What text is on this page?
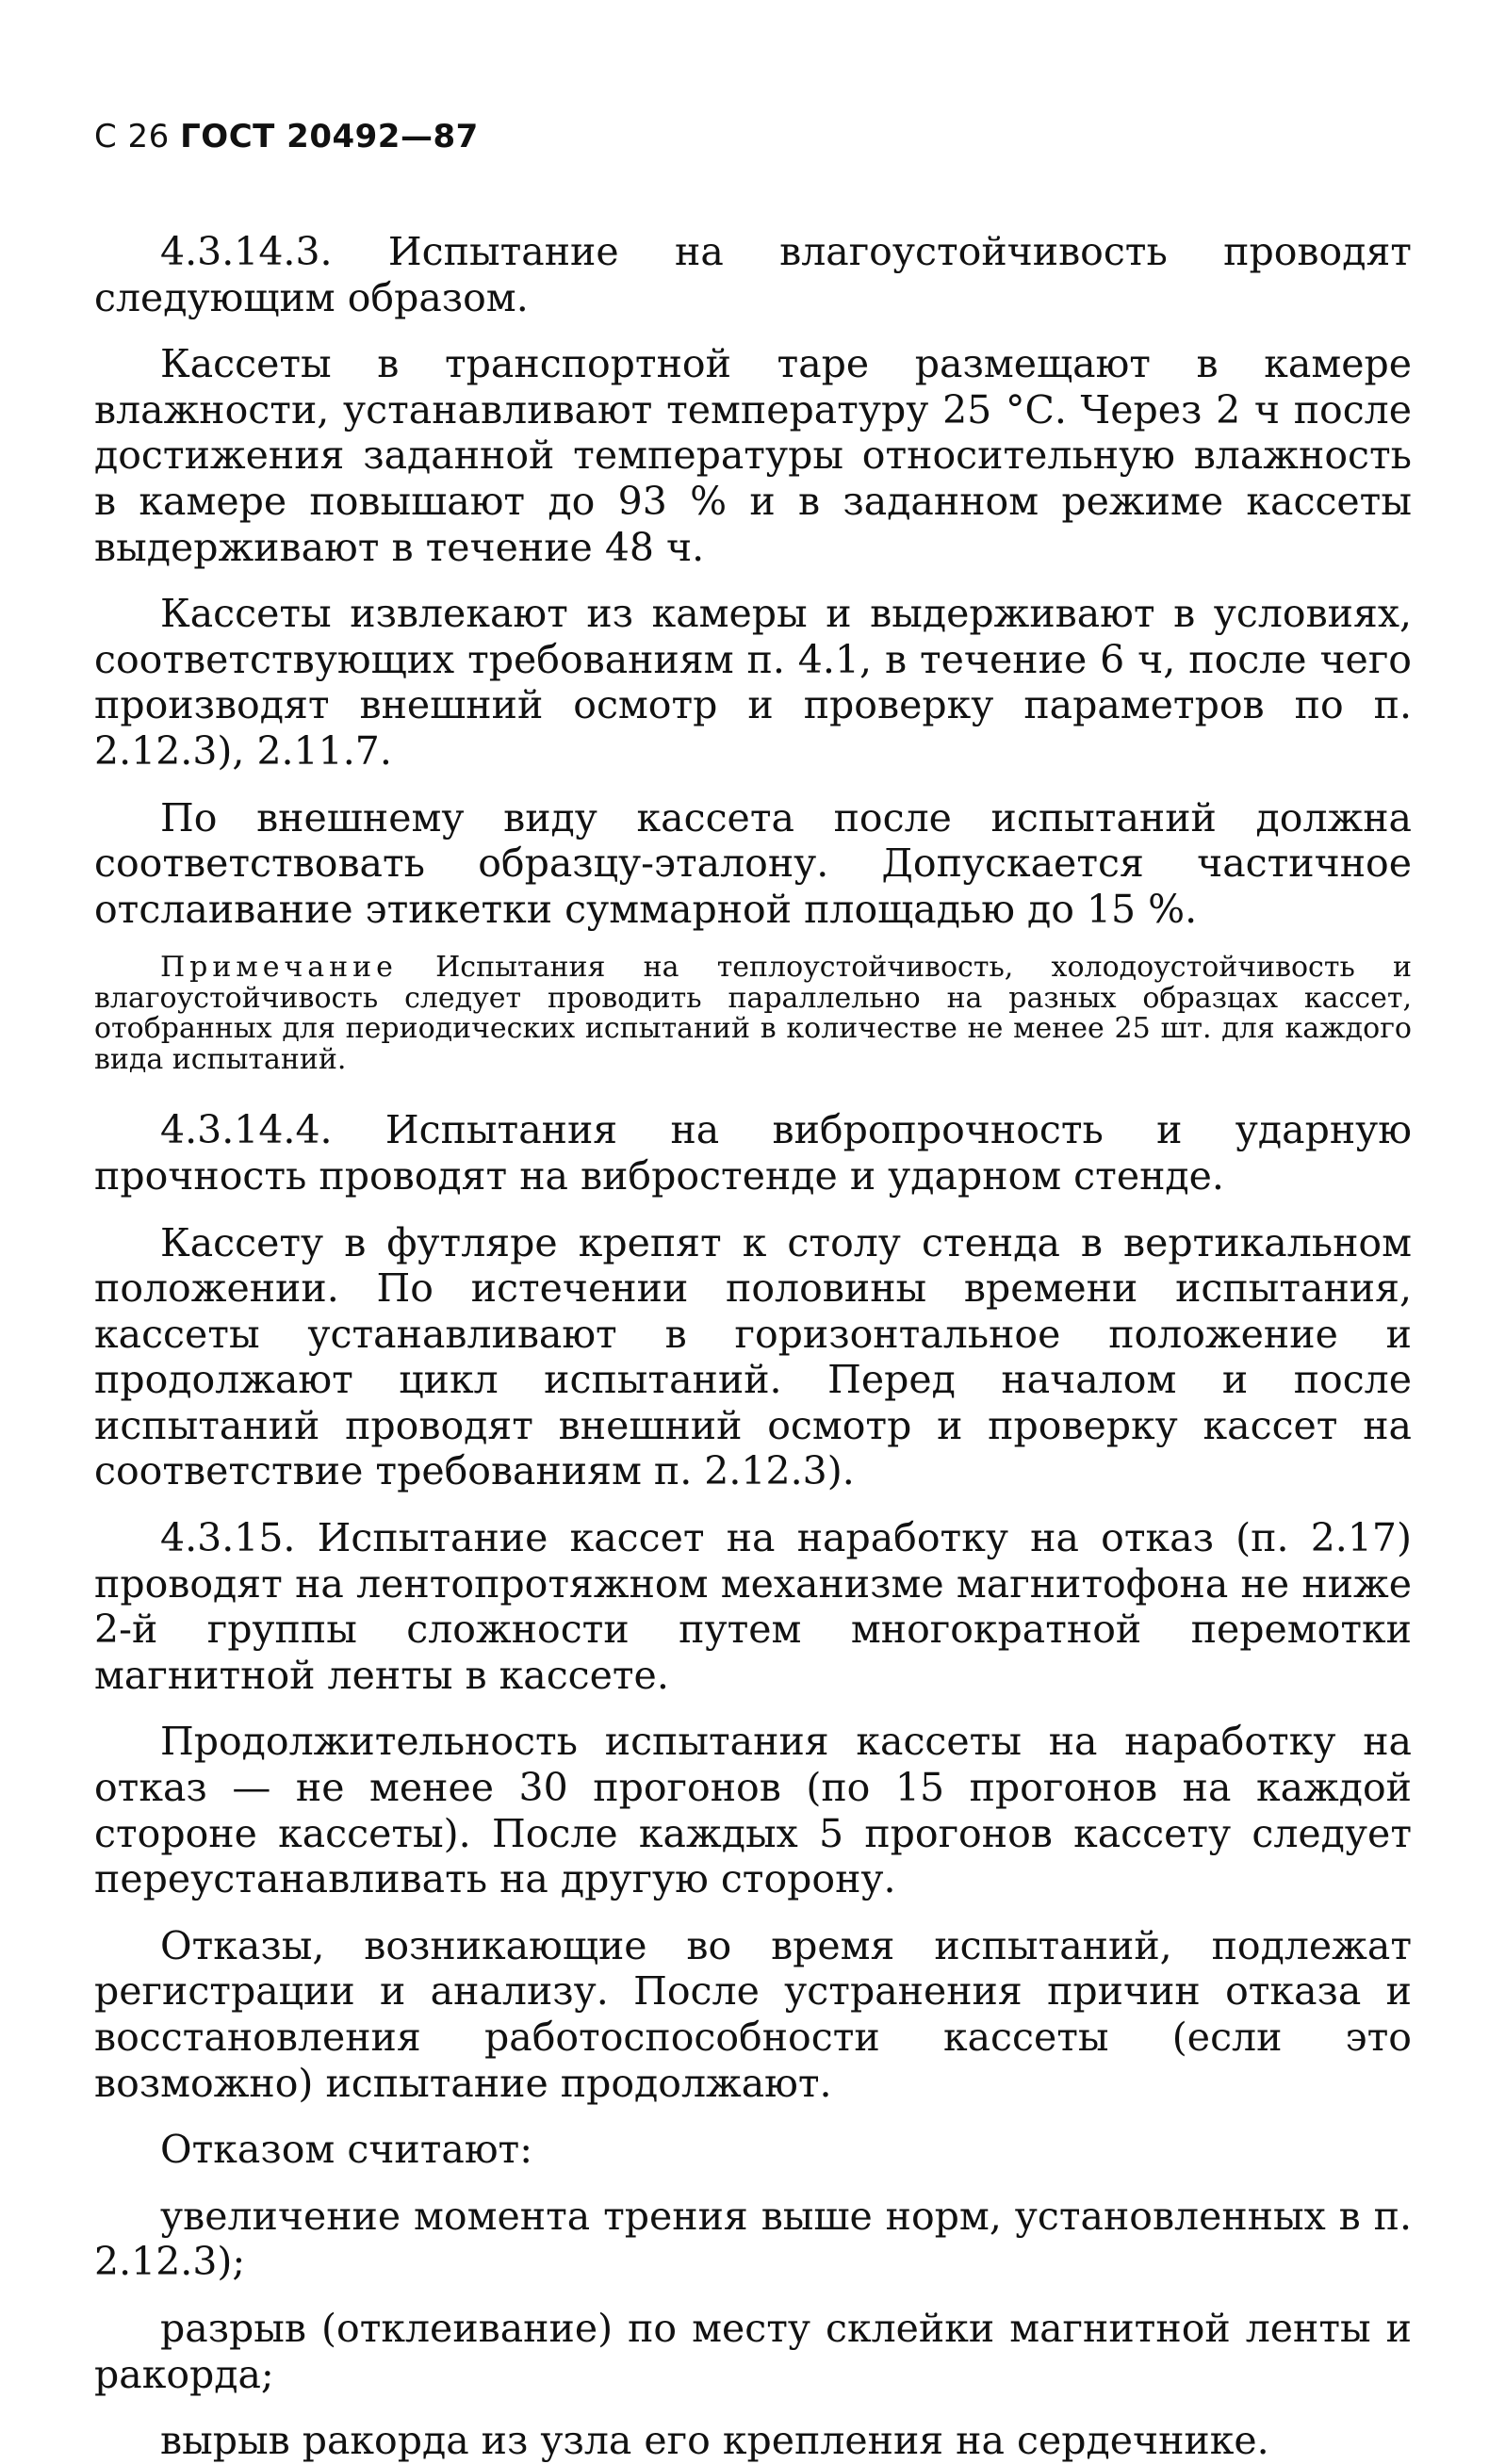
С 26 ГОСТ 20492—87

4.3.14.3. Испытание на влагоустойчивость проводят следующим образом.

Кассеты в транспортной таре размещают в камере влажности, устанавливают температуру 25 °С. Через 2 ч после достижения заданной температуры относительную влажность в камере повышают до 93 % и в заданном режиме кассеты выдерживают в течение 48 ч.

Кассеты извлекают из камеры и выдерживают в условиях, соответствующих требованиям п. 4.1, в течение 6 ч, после чего производят внешний осмотр и проверку параметров по п. 2.12.3), 2.11.7.

По внешнему виду кассета после испытаний должна соответствовать образцу-эталону. Допускается частичное отслаивание этикетки суммарной площадью до 15 %.

Примечание Испытания на теплоустойчивость, холодоустойчивость и влагоустойчивость следует проводить параллельно на разных образцах кассет, отобранных для периодических испытаний в количестве не менее 25 шт. для каждого вида испытаний.

4.3.14.4. Испытания на вибропрочность и ударную прочность проводят на вибростенде и ударном стенде.

Кассету в футляре крепят к столу стенда в вертикальном положении. По истечении половины времени испытания, кассеты устанавливают в горизонтальное положение и продолжают цикл испытаний. Перед началом и после испытаний проводят внешний осмотр и проверку кассет на соответствие требованиям п. 2.12.3).

4.3.15. Испытание кассет на наработку на отказ (п. 2.17) проводят на лентопротяжном механизме магнитофона не ниже 2-й группы сложности путем многократной перемотки магнитной ленты в кассете.

Продолжительность испытания кассеты на наработку на отказ — не менее 30 прогонов (по 15 прогонов на каждой стороне кассеты). После каждых 5 прогонов кассету следует переустанавливать на другую сторону.

Отказы, возникающие во время испытаний, подлежат регистрации и анализу. После устранения причин отказа и восстановления работоспособности кассеты (если это возможно) испытание продолжают.

Отказом считают:

увеличение момента трения выше норм, установленных в п. 2.12.3);

разрыв (отклеивание) по месту склейки магнитной ленты и ракорда;

вырыв ракорда из узла его крепления на сердечнике.
